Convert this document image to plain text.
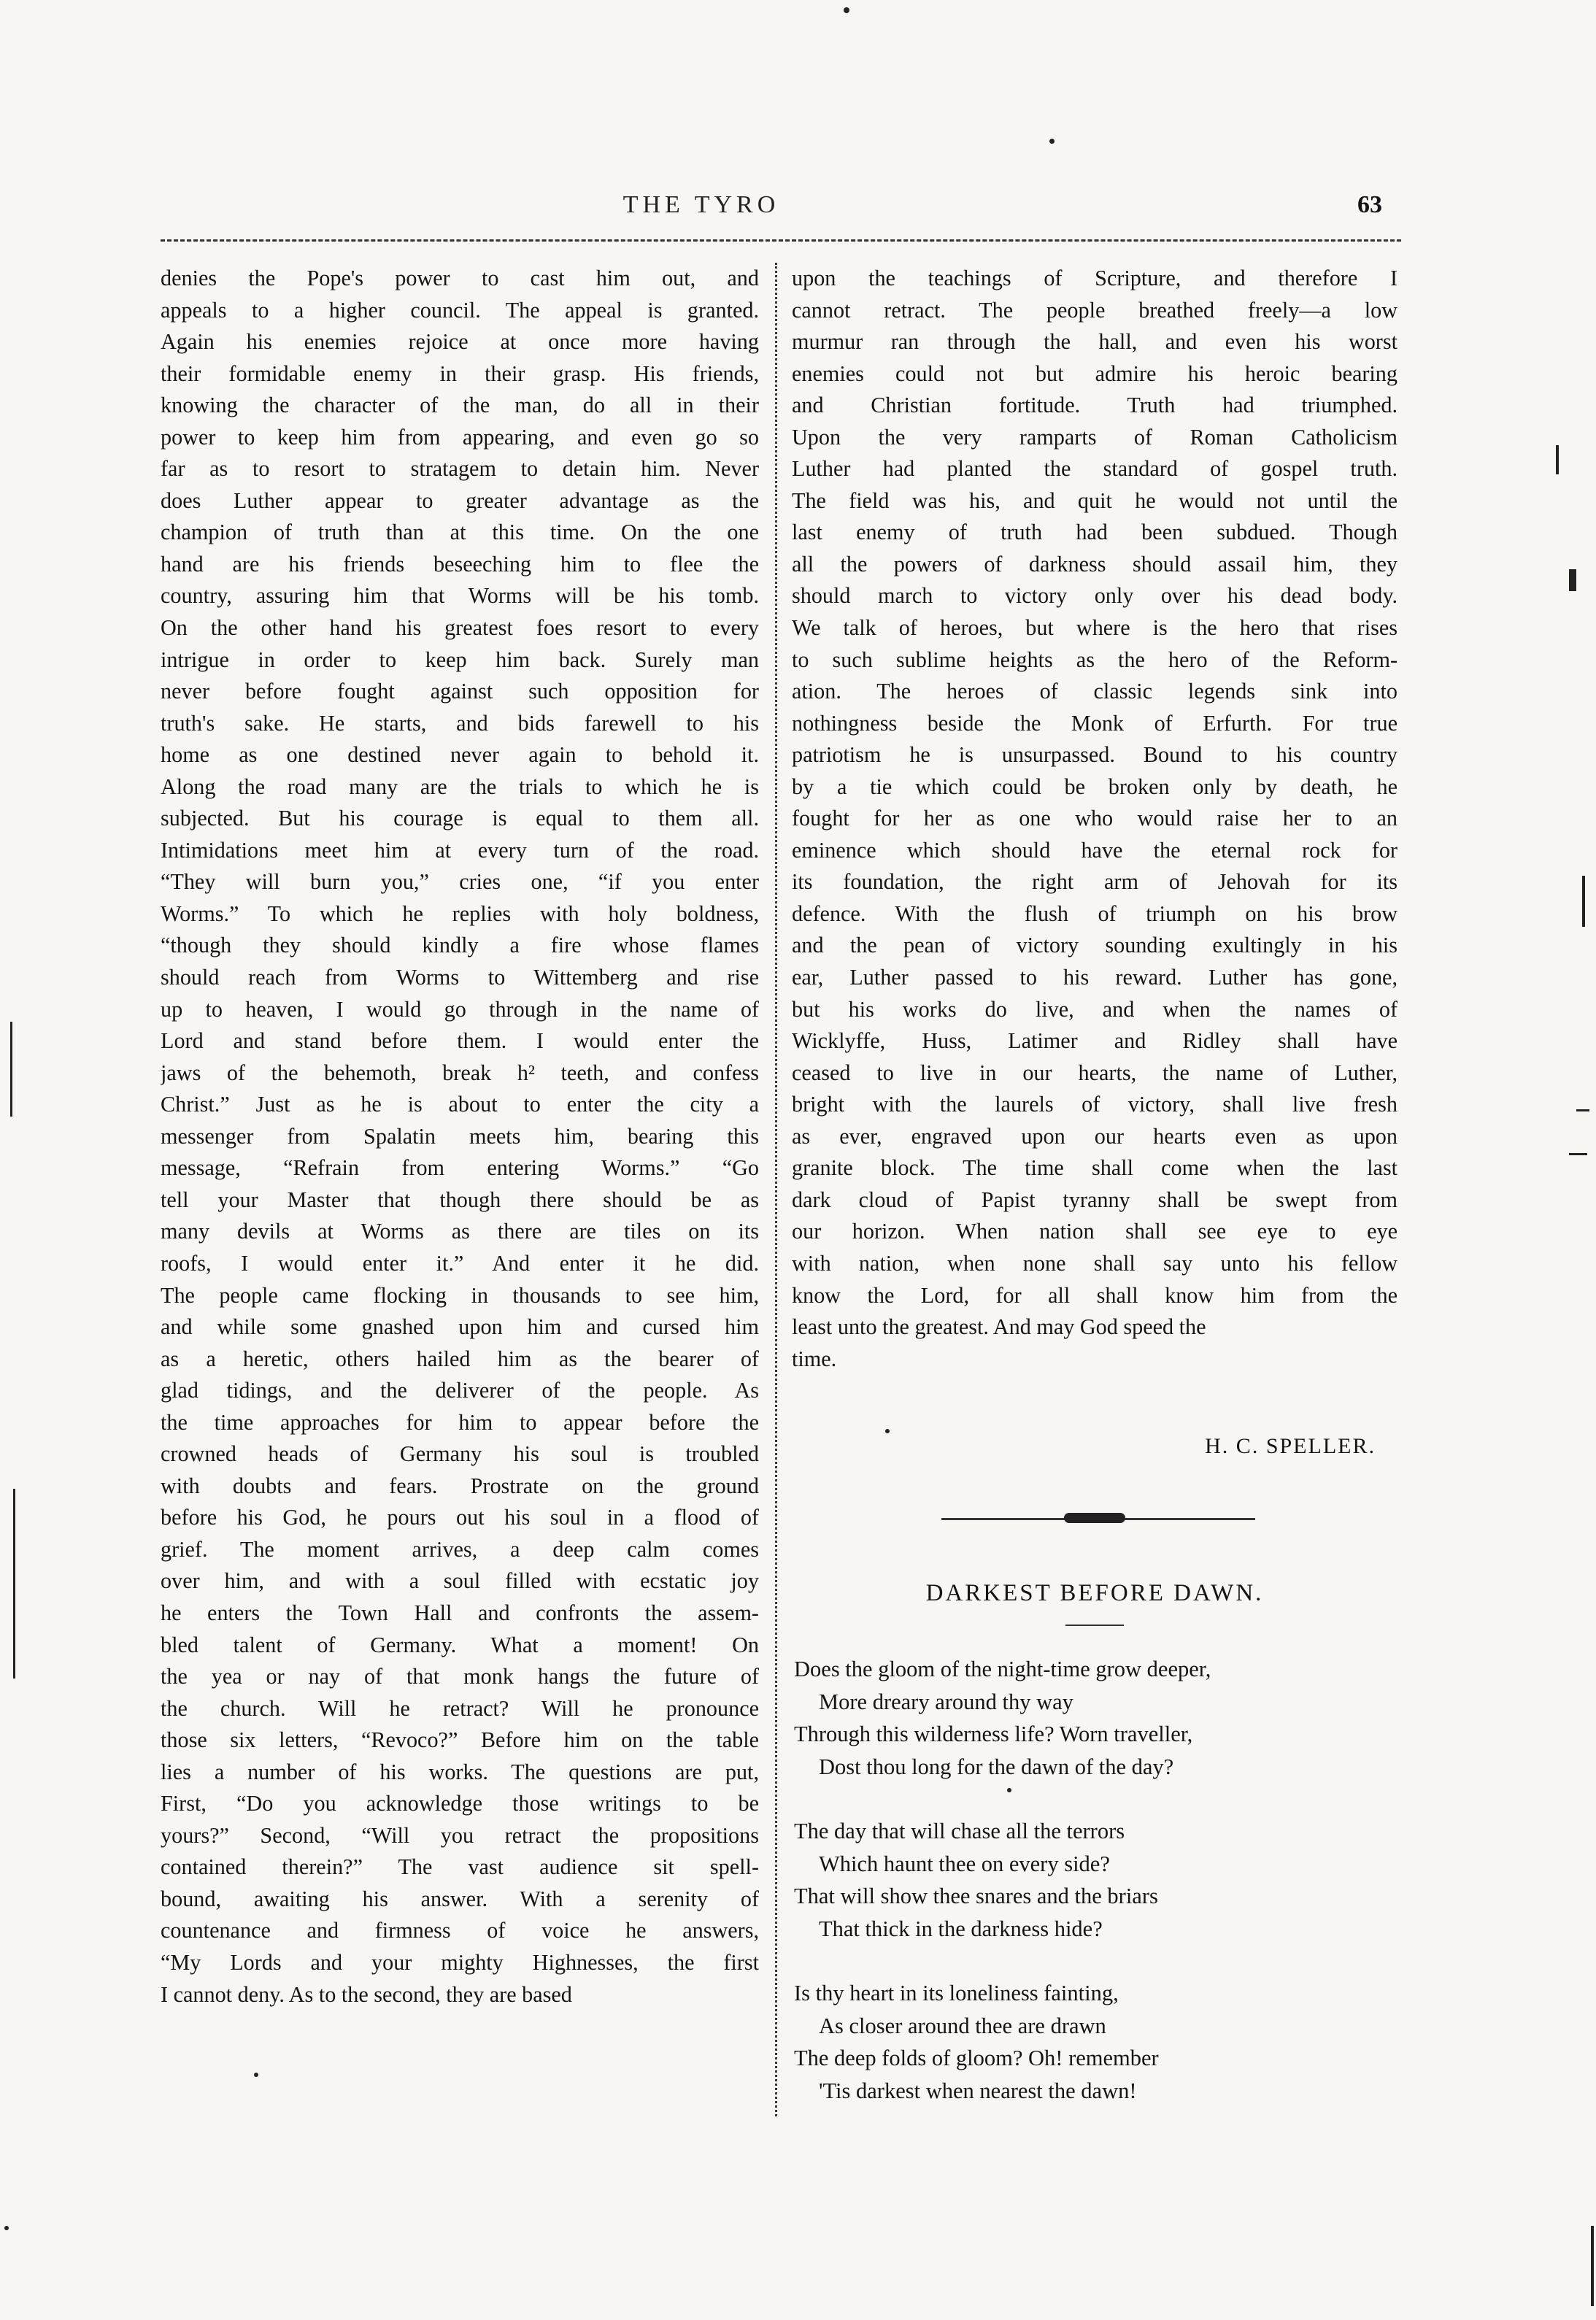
THE TYRO	63
denies the Pope's power to cast him out, and
appeals to a higher council. The appeal is granted.
Again his enemies rejoice at once more having
their formidable enemy in their grasp. His friends,
knowing the character of the man, do all in their
power to keep him from appearing, and even go so
far as to resort to stratagem to detain him. Never
does Luther appear to greater advantage as the
champion of truth than at this time. On the one
hand are his friends beseeching him to flee the
country, assuring him that Worms will be his tomb.
On the other hand his greatest foes resort to every
intrigue in order to keep him back. Surely man
never before fought against such opposition for
truth's sake. He starts, and bids farewell to his
home as one destined never again to behold it.
Along the road many are the trials to which he is
subjected. But his courage is equal to them all.
Intimidations meet him at every turn of the road.
“They will burn you,” cries one, “if you enter
Worms.” To which he replies with holy boldness,
“though they should kindly a fire whose flames
should reach from Worms to Wittemberg and rise
up to heaven, I would go through in the name of
Lord and stand before them. I would enter the
jaws of the behemoth, break h² teeth, and confess
Christ.” Just as he is about to enter the city a
messenger from Spalatin meets him, bearing this
message, “Refrain from entering Worms.” “Go
tell your Master that though there should be as
many devils at Worms as there are tiles on its
roofs, I would enter it.” And enter it he did.
The people came flocking in thousands to see him,
and while some gnashed upon him and cursed him
as a heretic, others hailed him as the bearer of
glad tidings, and the deliverer of the people. As
the time approaches for him to appear before the
crowned heads of Germany his soul is troubled
with doubts and fears. Prostrate on the ground
before his God, he pours out his soul in a flood of
grief. The moment arrives, a deep calm comes
over him, and with a soul filled with ecstatic joy
he enters the Town Hall and confronts the assem-
bled talent of Germany. What a moment! On
the yea or nay of that monk hangs the future of
the church. Will he retract? Will he pronounce
those six letters, “Revoco?” Before him on the table
lies a number of his works. The questions are put,
First, “Do you acknowledge those writings to be
yours?” Second, “Will you retract the propositions
contained therein?” The vast audience sit spell-
bound, awaiting his answer. With a serenity of
countenance and firmness of voice he answers,
“My Lords and your mighty Highnesses, the first
I cannot deny. As to the second, they are based
upon the teachings of Scripture, and therefore I
cannot retract. The people breathed freely—a low
murmur ran through the hall, and even his worst
enemies could not but admire his heroic bearing
and Christian fortitude. Truth had triumphed.
Upon the very ramparts of Roman Catholicism
Luther had planted the standard of gospel truth.
The field was his, and quit he would not until the
last enemy of truth had been subdued. Though
all the powers of darkness should assail him, they
should march to victory only over his dead body.
We talk of heroes, but where is the hero that rises
to such sublime heights as the hero of the Reform-
ation. The heroes of classic legends sink into
nothingness beside the Monk of Erfurth. For true
patriotism he is unsurpassed. Bound to his country
by a tie which could be broken only by death, he
fought for her as one who would raise her to an
eminence which should have the eternal rock for
its foundation, the right arm of Jehovah for its
defence. With the flush of triumph on his brow
and the pean of victory sounding exultingly in his
ear, Luther passed to his reward. Luther has gone,
but his works do live, and when the names of
Wicklyffe, Huss, Latimer and Ridley shall have
ceased to live in our hearts, the name of Luther,
bright with the laurels of victory, shall live fresh
as ever, engraved upon our hearts even as upon
granite block. The time shall come when the last
dark cloud of Papist tyranny shall be swept from
our horizon. When nation shall see eye to eye
with nation, when none shall say unto his fellow
know the Lord, for all shall know him from the
least unto the greatest. And may God speed the
time.
H. C. SPELLER.
DARKEST BEFORE DAWN.
Does the gloom of the night-time grow deeper,
More dreary around thy way
Through this wilderness life? Worn traveller,
Dost thou long for the dawn of the day?
The day that will chase all the terrors
Which haunt thee on every side?
That will show thee snares and the briars
That thick in the darkness hide?
Is thy heart in its loneliness fainting,
As closer around thee are drawn
The deep folds of gloom? Oh! remember
'Tis darkest when nearest the dawn!
